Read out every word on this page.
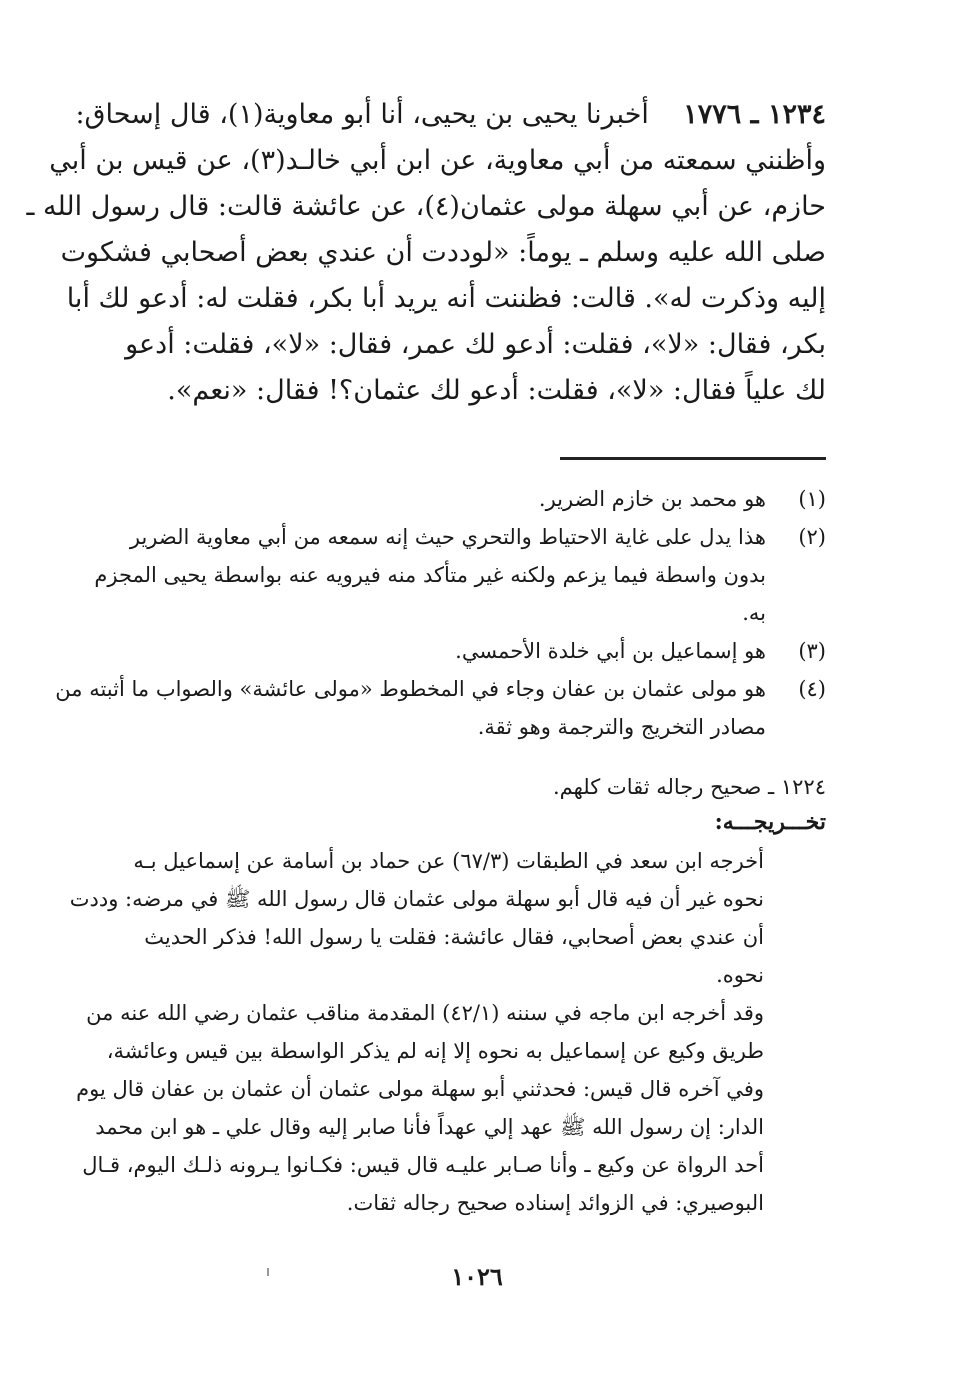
١٢٣٤ ـ ١٧٧٦    أخبرنا يحيى بن يحيى، أنا أبو معاوية(١)، قال إسحاق:
وأظنني سمعته من أبي معاوية، عن ابن أبي خالـد(٣)، عن قيس بن أبي
حازم، عن أبي سهلة مولى عثمان(٤)، عن عائشة قالت: قال رسول الله ـ
صلى الله عليه وسلم ـ يوماً: «لوددت أن عندي بعض أصحابي فشكوت
إليه وذكرت له». قالت: فظننت أنه يريد أبا بكر، فقلت له: أدعو لك أبا
بكر، فقال: «لا»، فقلت: أدعو لك عمر، فقال: «لا»، فقلت: أدعو
لك علياً فقال: «لا»، فقلت: أدعو لك عثمان؟! فقال: «نعم».
(١)
هو محمد بن خازم الضرير.
(٢)
هذا يدل على غاية الاحتياط والتحري حيث إنه سمعه من أبي معاوية الضرير
بدون واسطة فيما يزعم ولكنه غير متأكد منه فيرويه عنه بواسطة يحيى المجزم
به.
(٣)
هو إسماعيل بن أبي خلدة الأحمسي.
(٤)
هو مولى عثمان بن عفان وجاء في المخطوط «مولى عائشة» والصواب ما أثبته من
مصادر التخريج والترجمة وهو ثقة.
١٢٢٤ ـ صحيح رجاله ثقات كلهم.
تخـــريجـــه:
أخرجه ابن سعد في الطبقات (٦٧/٣) عن حماد بن أسامة عن إسماعيل بـه
نحوه غير أن فيه قال أبو سهلة مولى عثمان قال رسول الله ﷺ في مرضه: وددت
أن عندي بعض أصحابي، فقال عائشة: فقلت يا رسول الله! فذكر الحديث
نحوه.
وقد أخرجه ابن ماجه في سننه (٤٢/١) المقدمة مناقب عثمان رضي الله عنه من
طريق وكيع عن إسماعيل به نحوه إلا إنه لم يذكر الواسطة بين قيس وعائشة،
وفي آخره قال قيس: فحدثني أبو سهلة مولى عثمان أن عثمان بن عفان قال يوم
الدار: إن رسول الله ﷺ عهد إلي عهداً فأنا صابر إليه وقال علي ـ هو ابن محمد
أحد الرواة عن وكيع ـ وأنا صـابر عليـه قال قيس: فكـانوا يـرونه ذلـك اليوم، قـال
البوصيري: في الزوائد إسناده صحيح رجاله ثقات.
١٠٢٦
